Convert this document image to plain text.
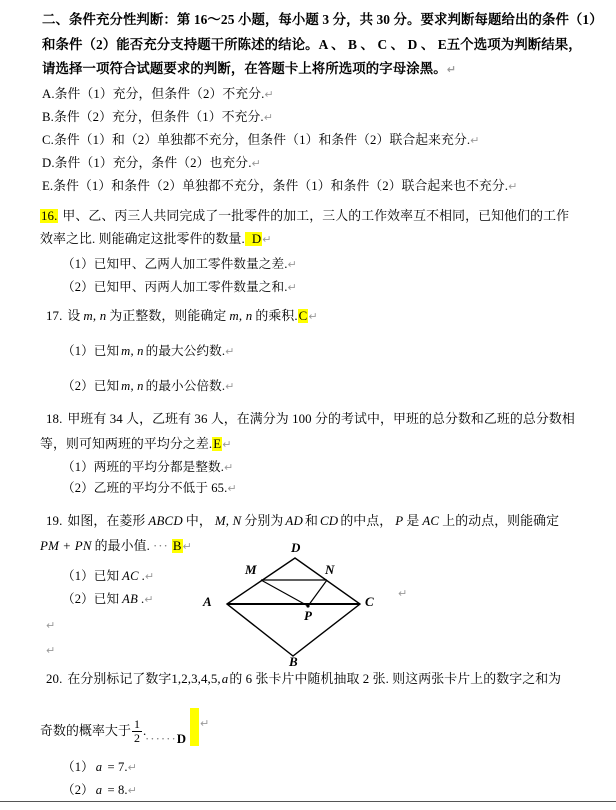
二、条件充分性判断：第 16～25 小题，每小题 3 分，共 30 分。要求判断每题给出的条件（1）
和条件（2）能否充分支持题干所陈述的结论。A 、 B 、 C 、 D 、 E五个选项为判断结果，
请选择一项符合试题要求的判断，在答题卡上将所选项的字母涂黑。↵
A.条件（1）充分，但条件（2）不充分.↵
B.条件（2）充分，但条件（1）不充分.↵
C.条件（1）和（2）单独都不充分，但条件（1）和条件（2）联合起来充分.↵
D.条件（1）充分，条件（2）也充分.↵
E.条件（1）和条件（2）单独都不充分，条件（1）和条件（2）联合起来也不充分.↵
16. 甲、乙、丙三人共同完成了一批零件的加工，三人的工作效率互不相同，已知他们的工作
效率之比. 则能确定这批零件的数量. D↵
（1）已知甲、乙两人加工零件数量之差.↵
（2）已知甲、丙两人加工零件数量之和.↵
17. 设 m, n 为正整数，则能确定 m, n 的乘积.C↵
（1）已知 m, n 的最大公约数.↵
（2）已知 m, n 的最小公倍数.↵
18. 甲班有 34 人，乙班有 36 人，在满分为 100 分的考试中，甲班的总分数和乙班的总分数相
等，则可知两班的平均分之差.E↵
（1）两班的平均分都是整数.↵
（2）乙班的平均分不低于 65.↵
19. 如图，在菱形 ABCD 中， M, N 分别为 AD 和 CD 的中点， P 是 AC 上的动点，则能确定
PM + PN 的最小值. ··· B↵
（1）已知 AC .↵
（2）已知 AB .↵
↵
↵
↵
A
B
C
D
M	N
P
20. 在分别标记了数字1,2,3,4,5,a的 6 张卡片中随机抽取 2 张. 则这两张卡片上的数字之和为
奇数的概率大于 $\frac{1}{2}$ .
······D
↵
（1） a = 7.↵
（2） a = 8.↵
